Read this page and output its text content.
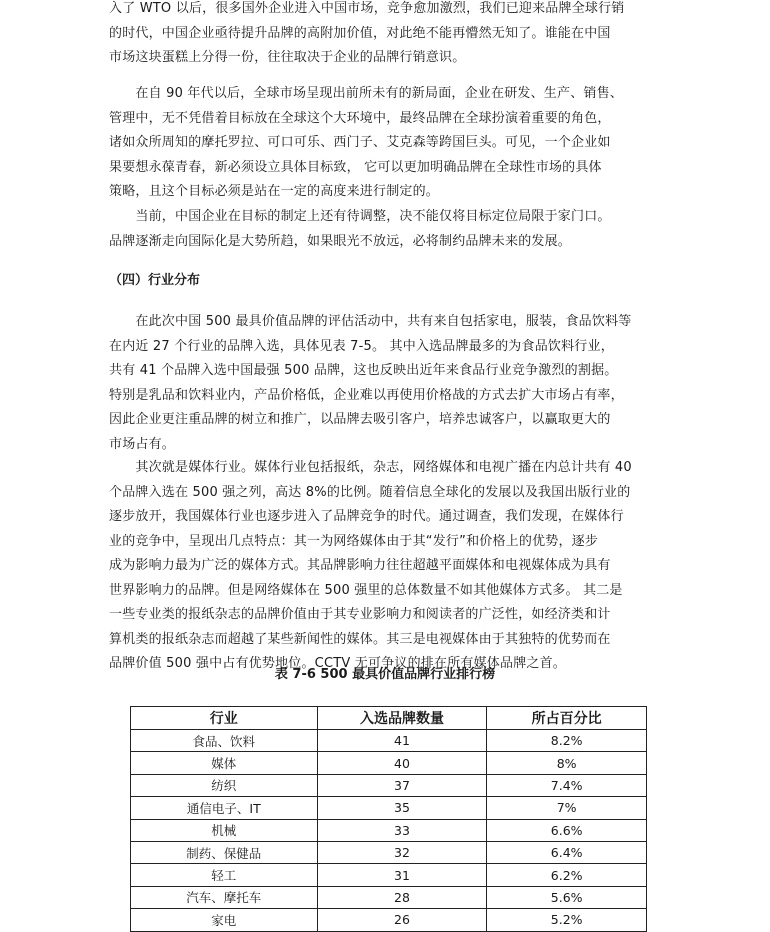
入了 WTO 以后，很多国外企业进入中国市场，竞争愈加激烈，我们已迎来品牌全球行销
的时代，中国企业亟待提升品牌的高附加价值，对此绝不能再懵然无知了。谁能在中国
市场这块蛋糕上分得一份，往往取决于企业的品牌行销意识。

　　在自 90 年代以后，全球市场呈现出前所未有的新局面，企业在研发、生产、销售、
管理中，无不凭借着目标放在全球这个大环境中，最终品牌在全球扮演着重要的角色，
诸如众所周知的摩托罗拉、可口可乐、西门子、艾克森等跨国巨头。可见，一个企业如
果要想永葆青春，新必须设立具体目标致， 它可以更加明确品牌在全球性市场的具体
策略，且这个目标必须是站在一定的高度来进行制定的。

　　当前，中国企业在目标的制定上还有待调整，决不能仅将目标定位局限于家门口。
品牌逐渐走向国际化是大势所趋，如果眼光不放远，必将制约品牌未来的发展。

（四）行业分布

　　在此次中国 500 最具价值品牌的评估活动中，共有来自包括家电，服装，食品饮料等
在内近 27 个行业的品牌入选，具体见表 7-5。 其中入选品牌最多的为食品饮料行业，
共有 41 个品牌入选中国最强 500 品牌，这也反映出近年来食品行业竞争激烈的割据。
特别是乳品和饮料业内，产品价格低，企业难以再使用价格战的方式去扩大市场占有率，
因此企业更注重品牌的树立和推广，以品牌去吸引客户，培养忠诚客户，以赢取更大的
市场占有。

　　其次就是媒体行业。媒体行业包括报纸，杂志，网络媒体和电视广播在内总计共有 40
个品牌入选在 500 强之列，高达 8%的比例。随着信息全球化的发展以及我国出版行业的
逐步放开，我国媒体行业也逐步进入了品牌竞争的时代。通过调查，我们发现，在媒体行
业的竞争中，呈现出几点特点：其一为网络媒体由于其“发行”和价格上的优势，逐步
成为影响力最为广泛的媒体方式。其品牌影响力往往超越平面媒体和电视媒体成为具有
世界影响力的品牌。但是网络媒体在 500 强里的总体数量不如其他媒体方式多。 其二是
一些专业类的报纸杂志的品牌价值由于其专业影响力和阅读者的广泛性，如经济类和计
算机类的报纸杂志而超越了某些新闻性的媒体。其三是电视媒体由于其独特的优势而在
品牌价值 500 强中占有优势地位。CCTV 无可争议的排在所有媒体品牌之首。

表 7-6 500 最具价值品牌行业排行榜
行业	入选品牌数量	所占百分比
食品、饮料	41	8.2%
媒体	40	8%
纺织	37	7.4%
通信电子、IT	35	7%
机械	33	6.6%
制药、保健品	32	6.4%
轻工	31	6.2%
汽车、摩托车	28	5.6%
家电	26	5.2%
